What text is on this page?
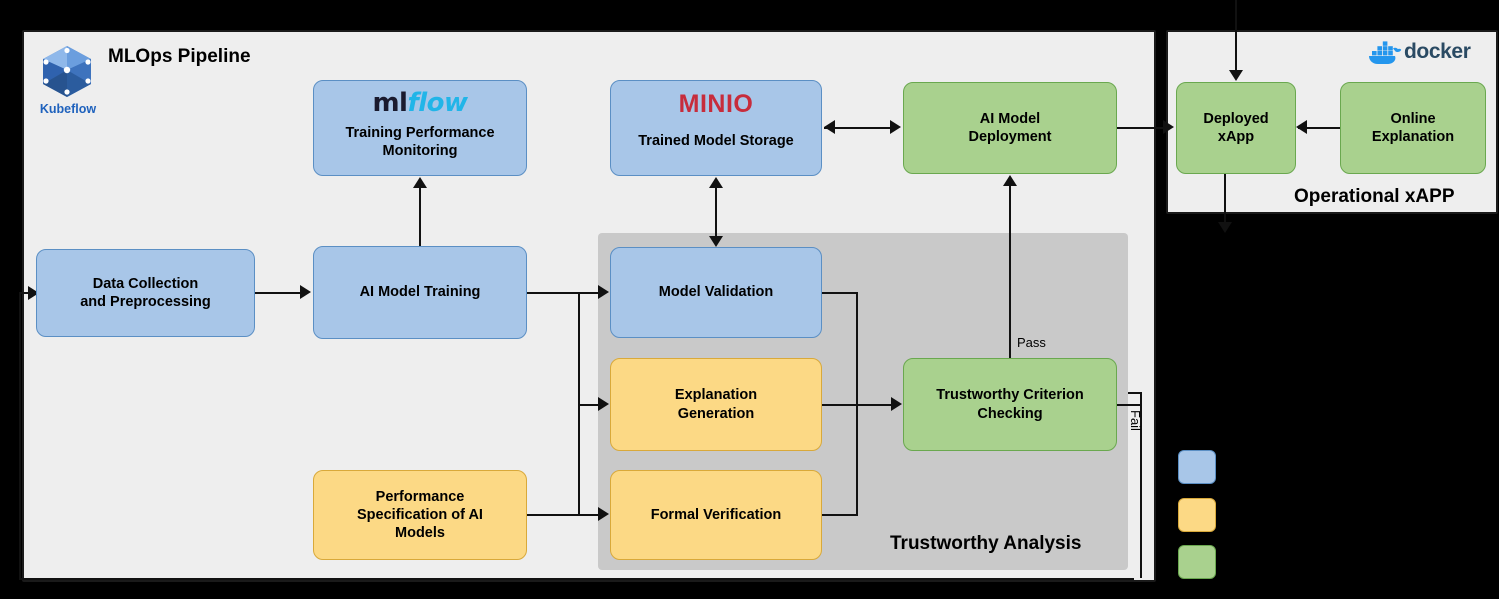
MLOps Pipeline
Operational xAPP
Trustworthy Analysis
Kubeflow
docker
Pass
Fail
Data Collection
and Preprocessing
AI Model Training
mlflow
Training Performance
Monitoring
MINIO
Trained Model Storage
AI Model
Deployment
Model Validation
Explanation
Generation
Formal Verification
Performance
Specification of AI
Models
Trustworthy Criterion
Checking
Deployed
xApp
Online
Explanation
